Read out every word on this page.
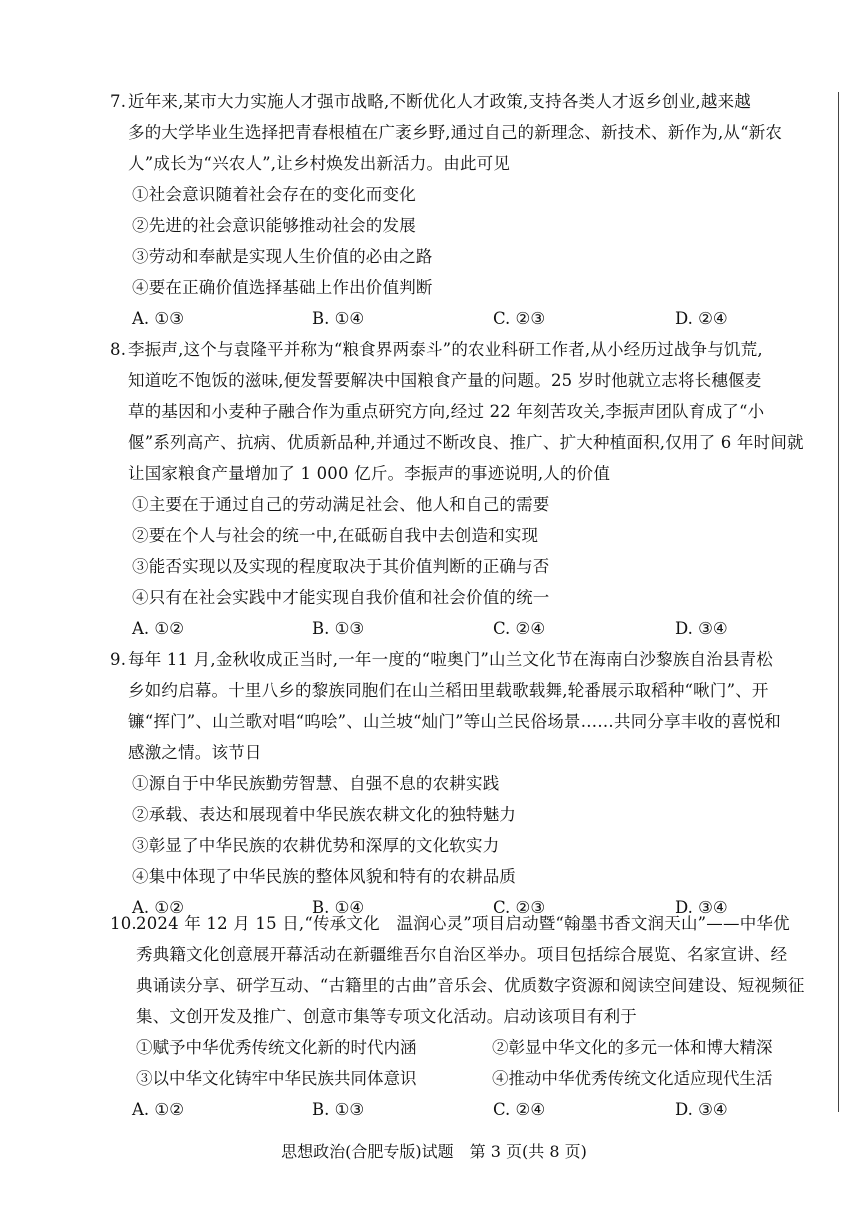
7. 近年来,某市大力实施人才强市战略,不断优化人才政策,支持各类人才返乡创业,越来越
多的大学毕业生选择把青春根植在广袤乡野,通过自己的新理念、新技术、新作为,从“新农
人”成长为“兴农人”,让乡村焕发出新活力。由此可见
①社会意识随着社会存在的变化而变化
②先进的社会意识能够推动社会的发展
③劳动和奉献是实现人生价值的必由之路
④要在正确价值选择基础上作出价值判断
A. ①③	B. ①④	C. ②③	D. ②④
8. 李振声,这个与袁隆平并称为“粮食界两泰斗”的农业科研工作者,从小经历过战争与饥荒,
知道吃不饱饭的滋味,便发誓要解决中国粮食产量的问题。25 岁时他就立志将长穗偃麦
草的基因和小麦种子融合作为重点研究方向,经过 22 年刻苦攻关,李振声团队育成了“小
偃”系列高产、抗病、优质新品种,并通过不断改良、推广、扩大种植面积,仅用了 6 年时间就
让国家粮食产量增加了 1 000 亿斤。李振声的事迹说明,人的价值
①主要在于通过自己的劳动满足社会、他人和自己的需要
②要在个人与社会的统一中,在砥砺自我中去创造和实现
③能否实现以及实现的程度取决于其价值判断的正确与否
④只有在社会实践中才能实现自我价值和社会价值的统一
A. ①②	B. ①③	C. ②④	D. ③④
9. 每年 11 月,金秋收成正当时,一年一度的“啦奥门”山兰文化节在海南白沙黎族自治县青松
乡如约启幕。十里八乡的黎族同胞们在山兰稻田里载歌载舞,轮番展示取稻种“啾门”、开
镰“挥门”、山兰歌对唱“呜哙”、山兰坡“灿门”等山兰民俗场景……共同分享丰收的喜悦和
感激之情。该节日
①源自于中华民族勤劳智慧、自强不息的农耕实践
②承载、表达和展现着中华民族农耕文化的独特魅力
③彰显了中华民族的农耕优势和深厚的文化软实力
④集中体现了中华民族的整体风貌和特有的农耕品质
A. ①②	B. ①④	C. ②③	D. ③④
10. 2024 年 12 月 15 日,“传承文化　温润心灵”项目启动暨“翰墨书香文润天山”——中华优
秀典籍文化创意展开幕活动在新疆维吾尔自治区举办。项目包括综合展览、名家宣讲、经
典诵读分享、研学互动、“古籍里的古曲”音乐会、优质数字资源和阅读空间建设、短视频征
集、文创开发及推广、创意市集等专项文化活动。启动该项目有利于
①赋予中华优秀传统文化新的时代内涵	②彰显中华文化的多元一体和博大精深
③以中华文化铸牢中华民族共同体意识	④推动中华优秀传统文化适应现代生活
A. ①②	B. ①③	C. ②④	D. ③④
思想政治(合肥专版)试题　第 3 页(共 8 页)
